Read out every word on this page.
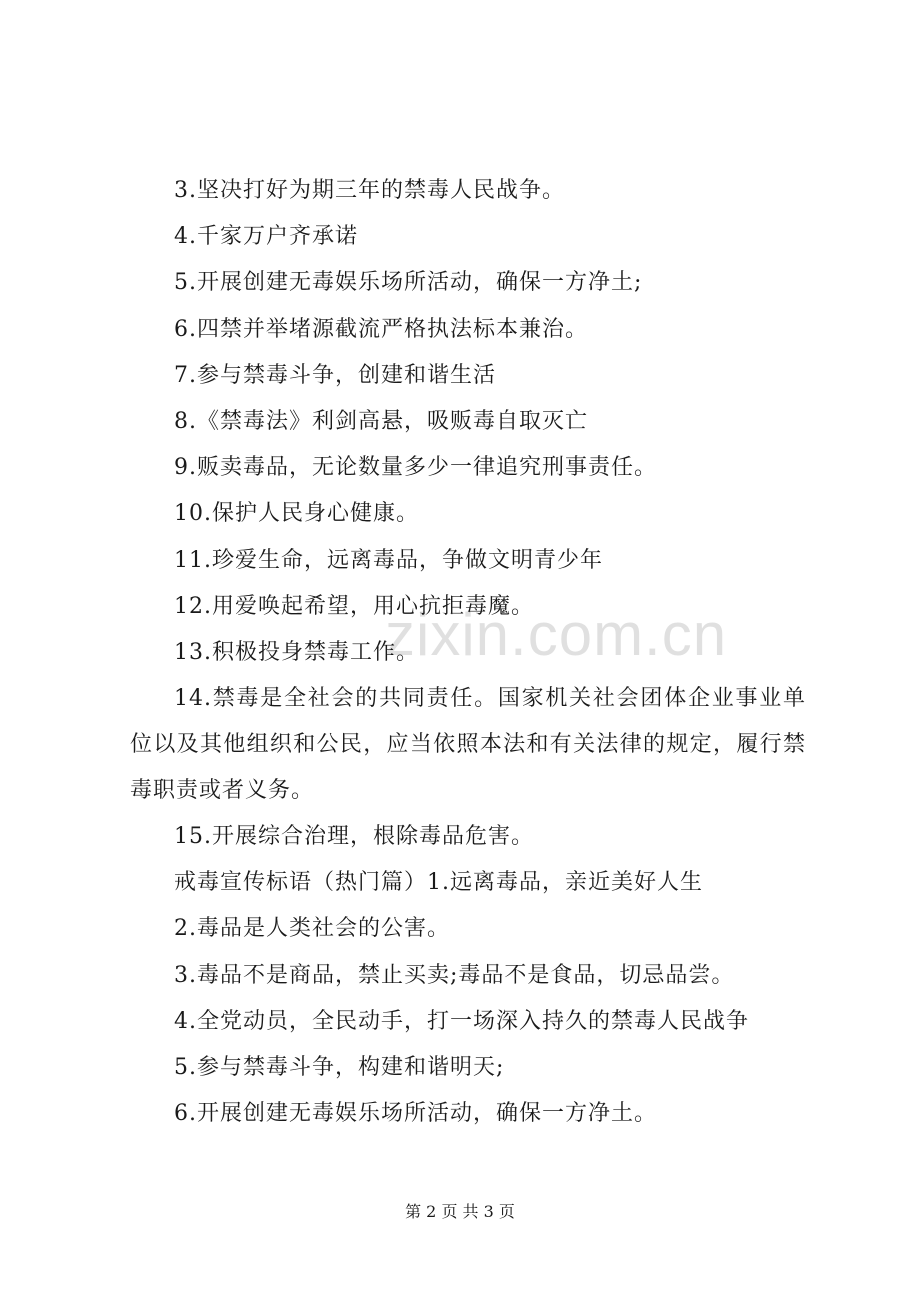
3.坚决打好为期三年的禁毒人民战争。
4.千家万户齐承诺
5.开展创建无毒娱乐场所活动，确保一方净土;
6.四禁并举堵源截流严格执法标本兼治。
7.参与禁毒斗争，创建和谐生活
8.《禁毒法》利剑高悬，吸贩毒自取灭亡
9.贩卖毒品，无论数量多少一律追究刑事责任。
10.保护人民身心健康。
11.珍爱生命，远离毒品，争做文明青少年
12.用爱唤起希望，用心抗拒毒魔。
13.积极投身禁毒工作。
14.禁毒是全社会的共同责任。国家机关社会团体企业事业单位以及其他组织和公民，应当依照本法和有关法律的规定，履行禁毒职责或者义务。
15.开展综合治理，根除毒品危害。
戒毒宣传标语（热门篇）1.远离毒品，亲近美好人生
2.毒品是人类社会的公害。
3.毒品不是商品，禁止买卖;毒品不是食品，切忌品尝。
4.全党动员，全民动手，打一场深入持久的禁毒人民战争
5.参与禁毒斗争，构建和谐明天;
6.开展创建无毒娱乐场所活动，确保一方净土。
zixin.com.cn
第 2 页 共 3 页
